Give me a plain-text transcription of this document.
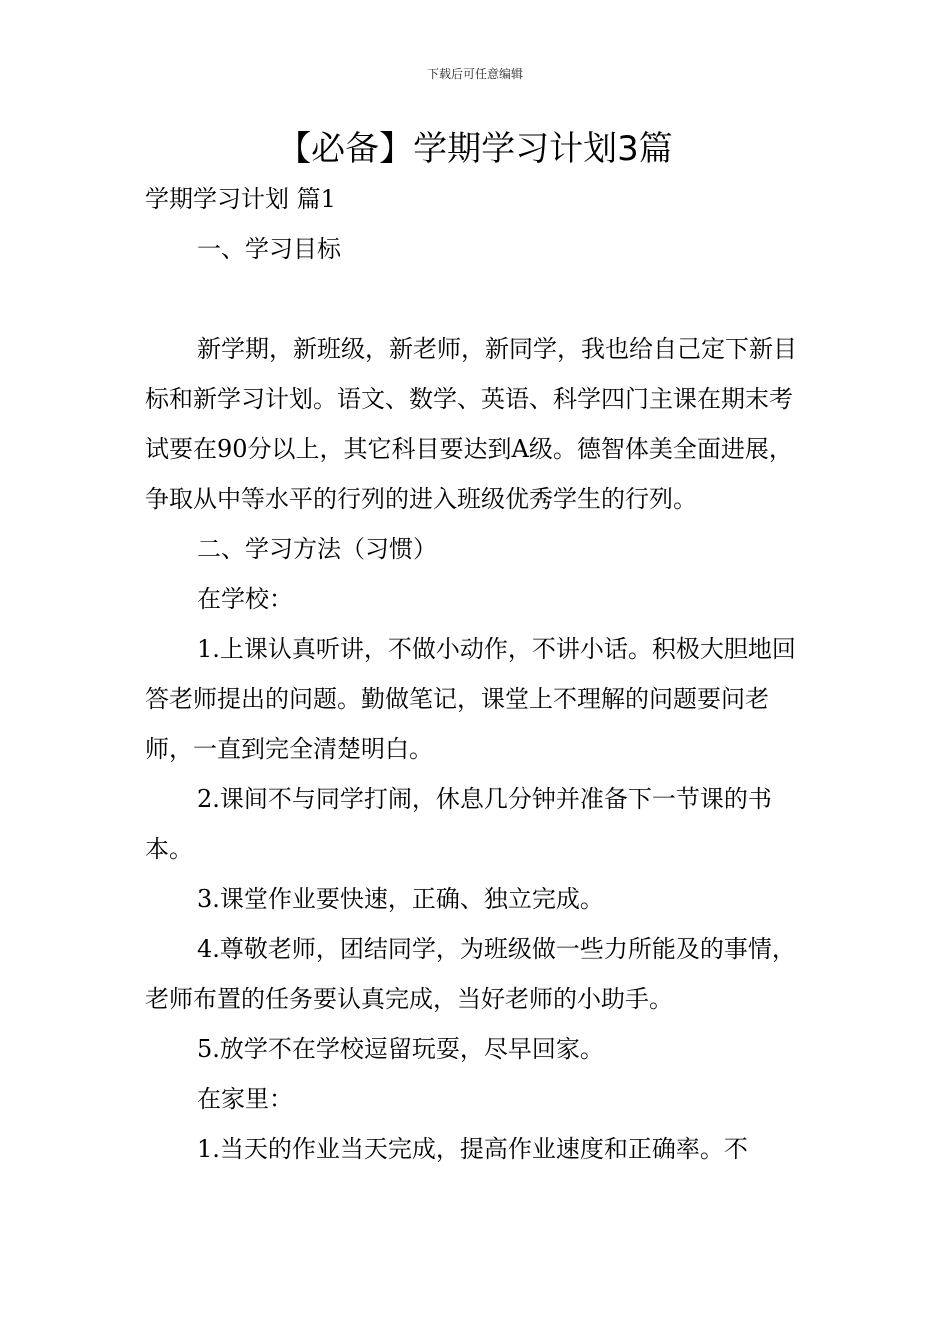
下载后可任意编辑
【必备】学期学习计划3篇

学期学习计划 篇1

一、学习目标

新学期，新班级，新老师，新同学，我也给自己定下新目标和新学习计划。语文、数学、英语、科学四门主课在期末考试要在90分以上，其它科目要达到A级。德智体美全面进展，争取从中等水平的行列的进入班级优秀学生的行列。

二、学习方法（习惯）

在学校：

1.上课认真听讲，不做小动作，不讲小话。积极大胆地回答老师提出的问题。勤做笔记，课堂上不理解的问题要问老师，一直到完全清楚明白。

2.课间不与同学打闹，休息几分钟并准备下一节课的书本。

3.课堂作业要快速，正确、独立完成。

4.尊敬老师，团结同学，为班级做一些力所能及的事情，老师布置的任务要认真完成，当好老师的小助手。

5.放学不在学校逗留玩耍，尽早回家。

在家里：

1.当天的作业当天完成，提高作业速度和正确率。不
